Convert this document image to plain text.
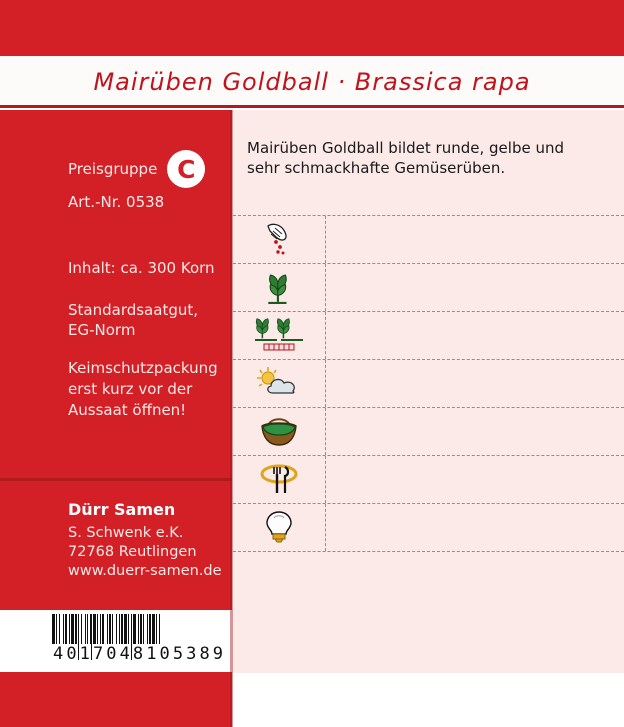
Mairüben Goldball · Brassica rapa
Preisgruppe C
Art.-Nr. 0538
Inhalt: ca. 300 Korn
Standardsaatgut,
EG-Norm
Keimschutzpackung
erst kurz vor der
Aussaat öffnen!
Dürr Samen
S. Schwenk e.K.
72768 Reutlingen
www.duerr-samen.de
4 0 1 7 0 4 8 1 0 5 3 8 9
Mairüben Goldball bildet runde, gelbe und sehr schmackhafte Gemüserüben.
